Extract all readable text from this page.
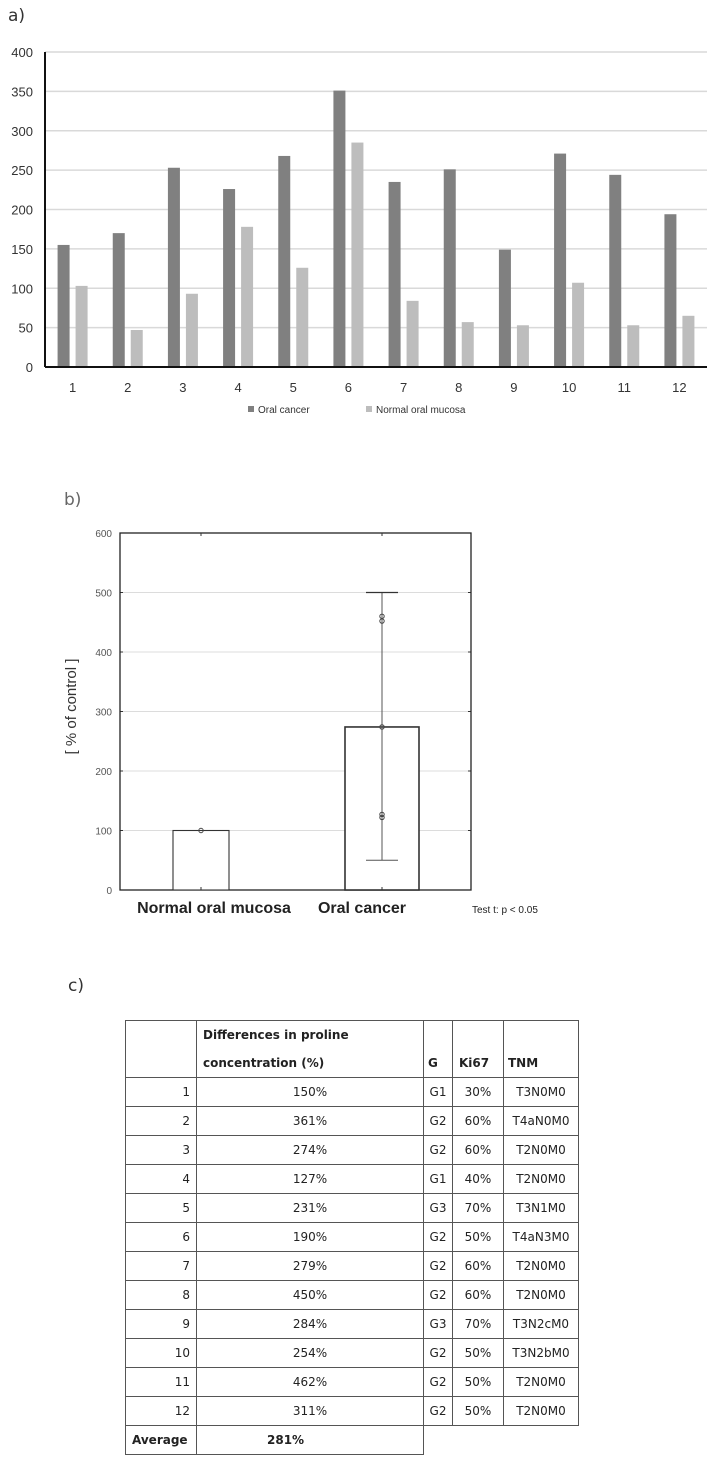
a)
b)
c)
0
50
100
150
200
250
300
350
400
1	2	3	4	5	6	7	8	9	10	11	12
Oral cancer	Normal oral mucosa
0
100
200
300
400
500
600
[ % of control ]
Normal oral mucosa Oral cancer	Test t: p < 0.05

	Differences in proline
concentration (%)	G	Ki67	TNM
1	150%	G1	30%	T3N0M0
2	361%	G2	60%	T4aN0M0
3	274%	G2	60%	T2N0M0
4	127%	G1	40%	T2N0M0
5	231%	G3	70%	T3N1M0
6	190%	G2	50%	T4aN3M0
7	279%	G2	60%	T2N0M0
8	450%	G2	60%	T2N0M0
9	284%	G3	70%	T3N2cM0
10	254%	G2	50%	T3N2bM0
11	462%	G2	50%	T2N0M0
12	311%	G2	50%	T2N0M0
Average	281%			
